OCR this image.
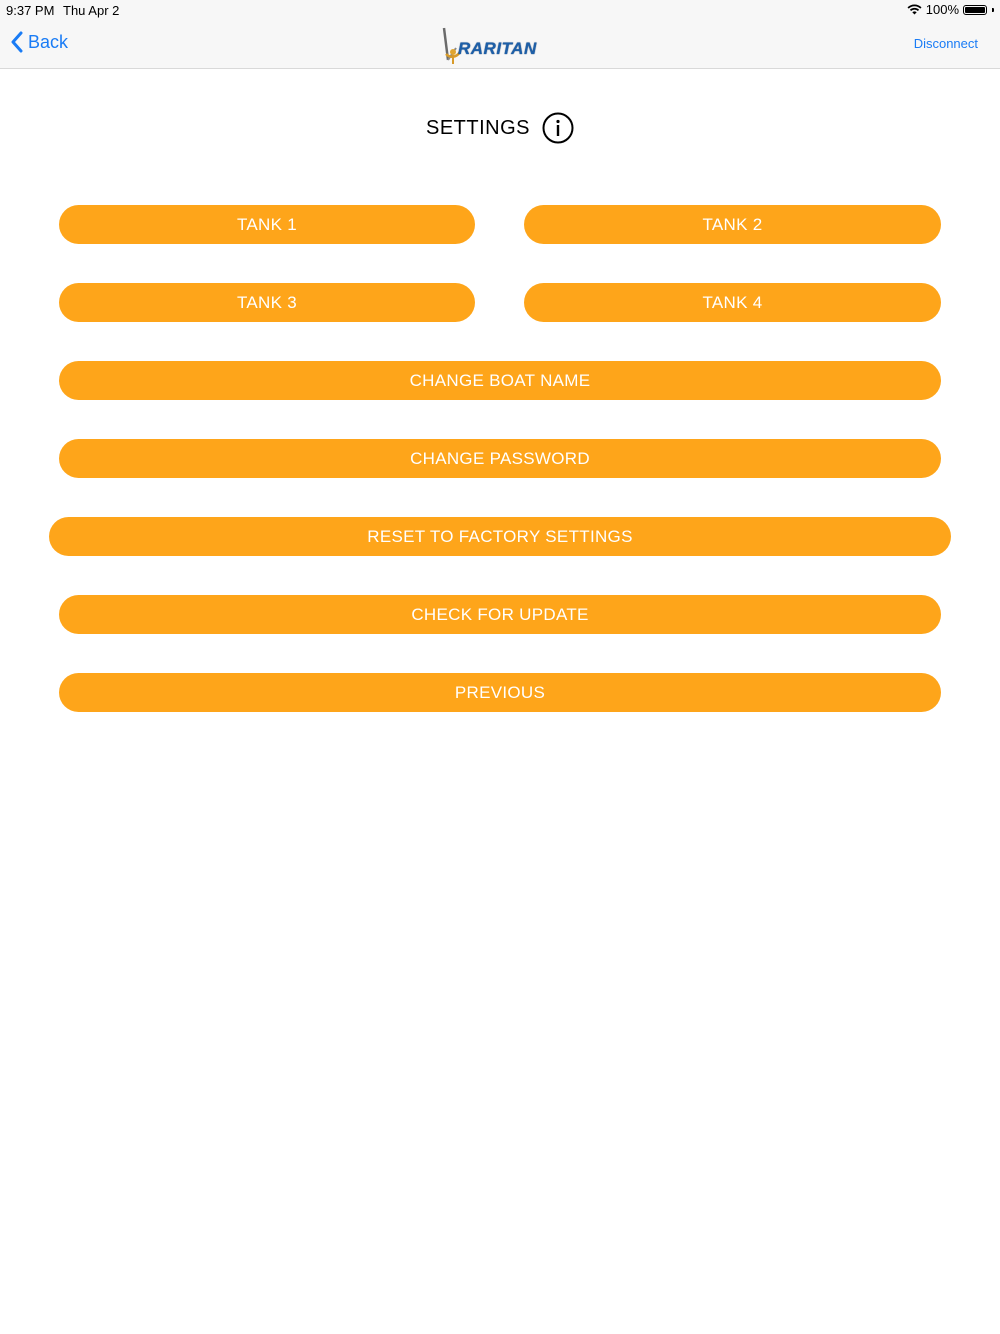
9:37 PM Thu Apr 2	100%
Back	RARITAN	Disconnect
SETTINGS
TANK 1	TANK 2
TANK 3	TANK 4
CHANGE BOAT NAME
CHANGE PASSWORD
RESET TO FACTORY SETTINGS
CHECK FOR UPDATE
PREVIOUS
